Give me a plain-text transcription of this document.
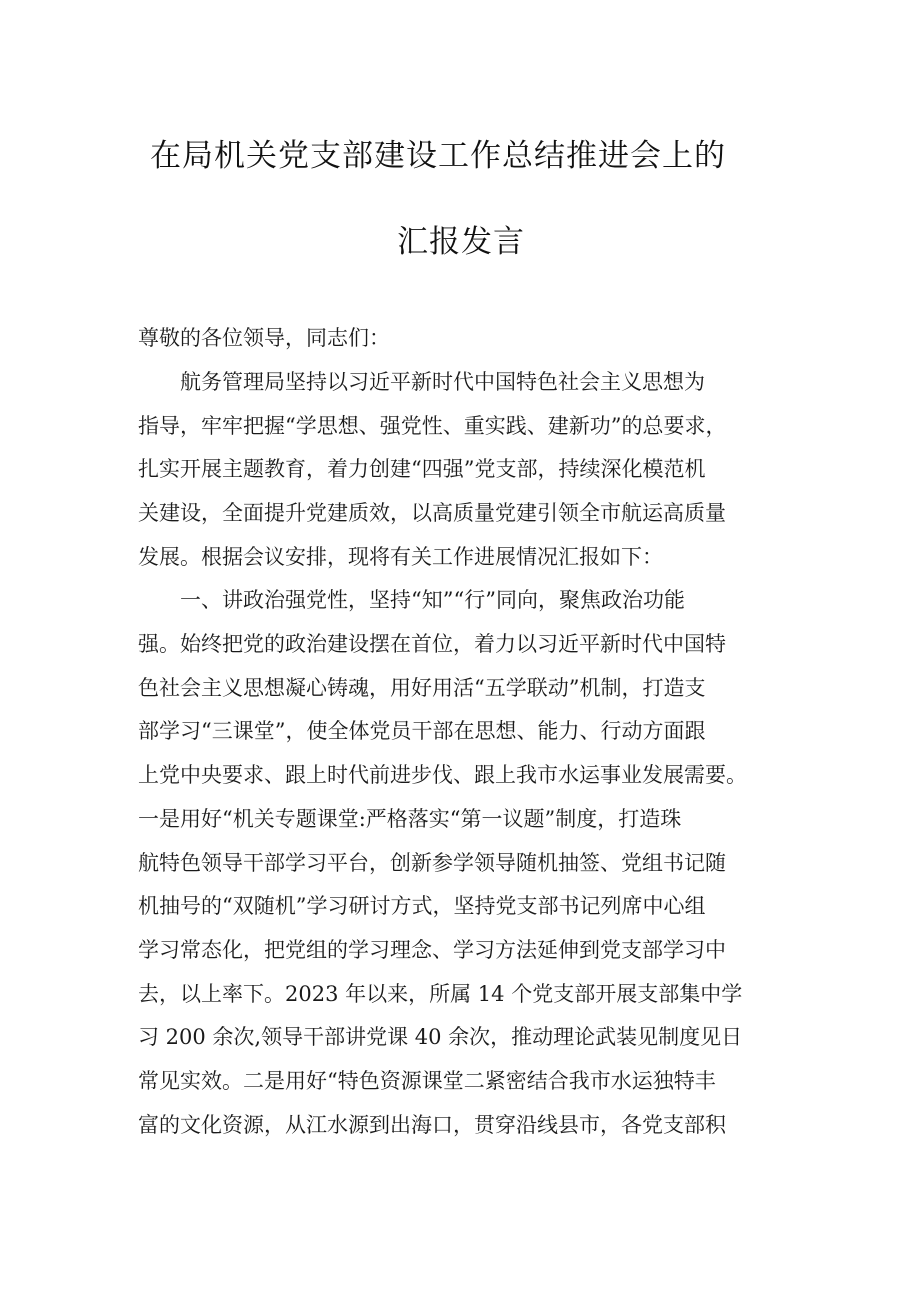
在局机关党支部建设工作总结推进会上的
汇报发言
尊敬的各位领导，同志们：
　　航务管理局坚持以习近平新时代中国特色社会主义思想为
指导，牢牢把握“学思想、强党性、重实践、建新功”的总要求，
扎实开展主题教育，着力创建“四强”党支部，持续深化模范机
关建设，全面提升党建质效，以高质量党建引领全市航运高质量
发展。根据会议安排，现将有关工作进展情况汇报如下：
　　一、讲政治强党性，坚持“知”“行”同向，聚焦政治功能
强。始终把党的政治建设摆在首位，着力以习近平新时代中国特
色社会主义思想凝心铸魂，用好用活“五学联动”机制，打造支
部学习“三课堂”，使全体党员干部在思想、能力、行动方面跟
上党中央要求、跟上时代前进步伐、跟上我市水运事业发展需要。
一是用好“机关专题课堂:严格落实“第一议题”制度，打造珠
航特色领导干部学习平台，创新参学领导随机抽签、党组书记随
机抽号的“双随机”学习研讨方式，坚持党支部书记列席中心组
学习常态化，把党组的学习理念、学习方法延伸到党支部学习中
去，以上率下。2023 年以来，所属 14 个党支部开展支部集中学
习 200 余次,领导干部讲党课 40 余次，推动理论武装见制度见日
常见实效。二是用好“特色资源课堂二紧密结合我市水运独特丰
富的文化资源，从江水源到出海口，贯穿沿线县市，各党支部积
